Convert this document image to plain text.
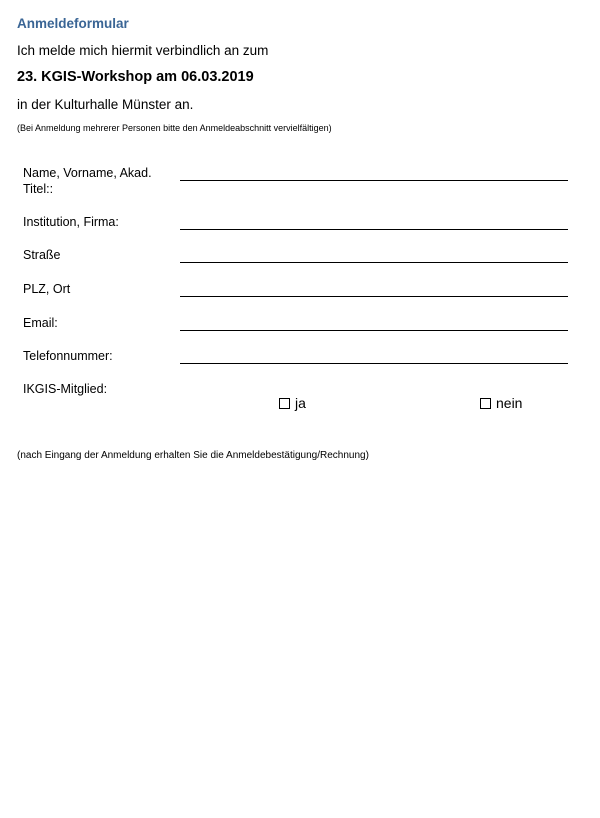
Anmeldeformular
Ich melde mich hiermit verbindlich an zum
23. KGIS-Workshop am 06.03.2019
in der Kulturhalle Münster an.
(Bei Anmeldung mehrerer Personen bitte den Anmeldeabschnitt vervielfältigen)
Name, Vorname, Akad. Titel::
Institution, Firma:
Straße
PLZ, Ort
Email:
Telefonnummer:
IKGIS-Mitglied:
ja	nein
(nach Eingang der Anmeldung erhalten Sie die Anmeldebestätigung/Rechnung)
